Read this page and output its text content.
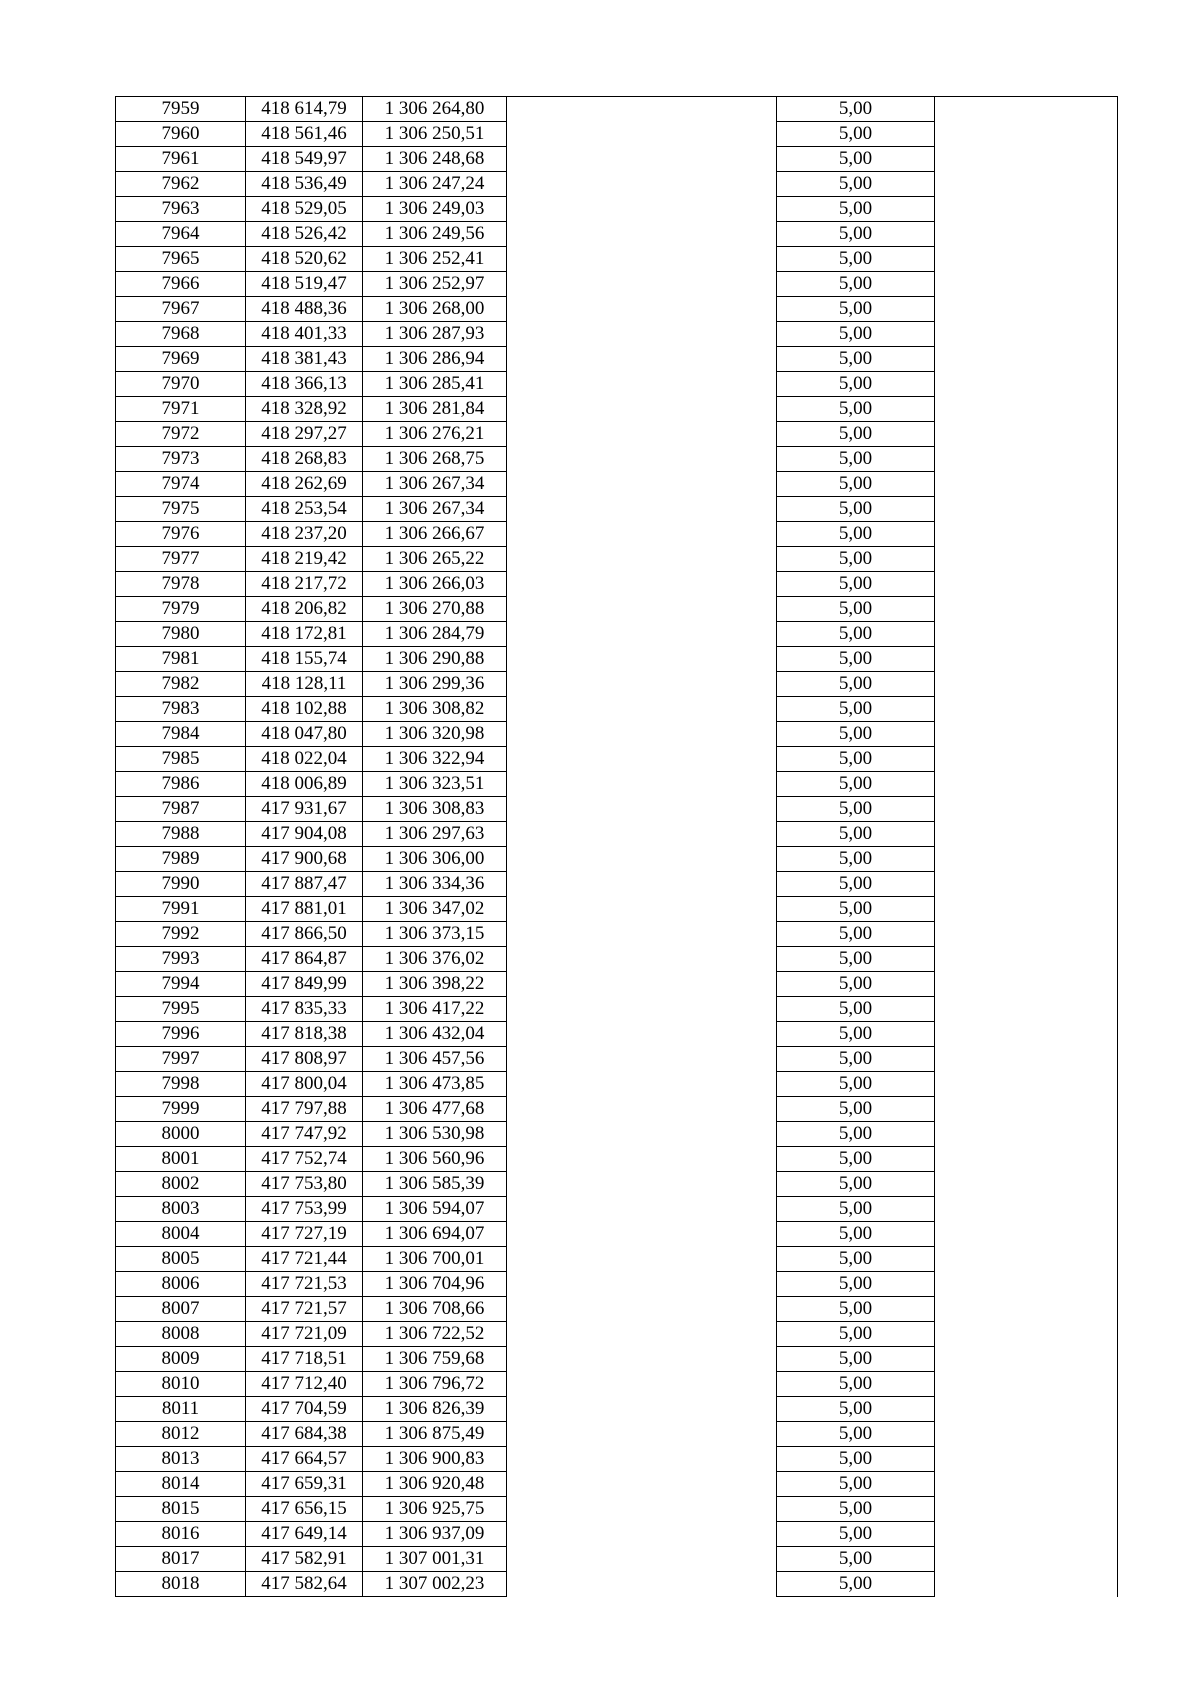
7959	418 614,79	1 306 264,80		5,00	
7960	418 561,46	1 306 250,51		5,00	
7961	418 549,97	1 306 248,68		5,00	
7962	418 536,49	1 306 247,24		5,00	
7963	418 529,05	1 306 249,03		5,00	
7964	418 526,42	1 306 249,56		5,00	
7965	418 520,62	1 306 252,41		5,00	
7966	418 519,47	1 306 252,97		5,00	
7967	418 488,36	1 306 268,00		5,00	
7968	418 401,33	1 306 287,93		5,00	
7969	418 381,43	1 306 286,94		5,00	
7970	418 366,13	1 306 285,41		5,00	
7971	418 328,92	1 306 281,84		5,00	
7972	418 297,27	1 306 276,21		5,00	
7973	418 268,83	1 306 268,75		5,00	
7974	418 262,69	1 306 267,34		5,00	
7975	418 253,54	1 306 267,34		5,00	
7976	418 237,20	1 306 266,67		5,00	
7977	418 219,42	1 306 265,22		5,00	
7978	418 217,72	1 306 266,03		5,00	
7979	418 206,82	1 306 270,88		5,00	
7980	418 172,81	1 306 284,79		5,00	
7981	418 155,74	1 306 290,88		5,00	
7982	418 128,11	1 306 299,36		5,00	
7983	418 102,88	1 306 308,82		5,00	
7984	418 047,80	1 306 320,98		5,00	
7985	418 022,04	1 306 322,94		5,00	
7986	418 006,89	1 306 323,51		5,00	
7987	417 931,67	1 306 308,83		5,00	
7988	417 904,08	1 306 297,63		5,00	
7989	417 900,68	1 306 306,00		5,00	
7990	417 887,47	1 306 334,36		5,00	
7991	417 881,01	1 306 347,02		5,00	
7992	417 866,50	1 306 373,15		5,00	
7993	417 864,87	1 306 376,02		5,00	
7994	417 849,99	1 306 398,22		5,00	
7995	417 835,33	1 306 417,22		5,00	
7996	417 818,38	1 306 432,04		5,00	
7997	417 808,97	1 306 457,56		5,00	
7998	417 800,04	1 306 473,85		5,00	
7999	417 797,88	1 306 477,68		5,00	
8000	417 747,92	1 306 530,98		5,00	
8001	417 752,74	1 306 560,96		5,00	
8002	417 753,80	1 306 585,39		5,00	
8003	417 753,99	1 306 594,07		5,00	
8004	417 727,19	1 306 694,07		5,00	
8005	417 721,44	1 306 700,01		5,00	
8006	417 721,53	1 306 704,96		5,00	
8007	417 721,57	1 306 708,66		5,00	
8008	417 721,09	1 306 722,52		5,00	
8009	417 718,51	1 306 759,68		5,00	
8010	417 712,40	1 306 796,72		5,00	
8011	417 704,59	1 306 826,39		5,00	
8012	417 684,38	1 306 875,49		5,00	
8013	417 664,57	1 306 900,83		5,00	
8014	417 659,31	1 306 920,48		5,00	
8015	417 656,15	1 306 925,75		5,00	
8016	417 649,14	1 306 937,09		5,00	
8017	417 582,91	1 307 001,31		5,00	
8018	417 582,64	1 307 002,23		5,00	
